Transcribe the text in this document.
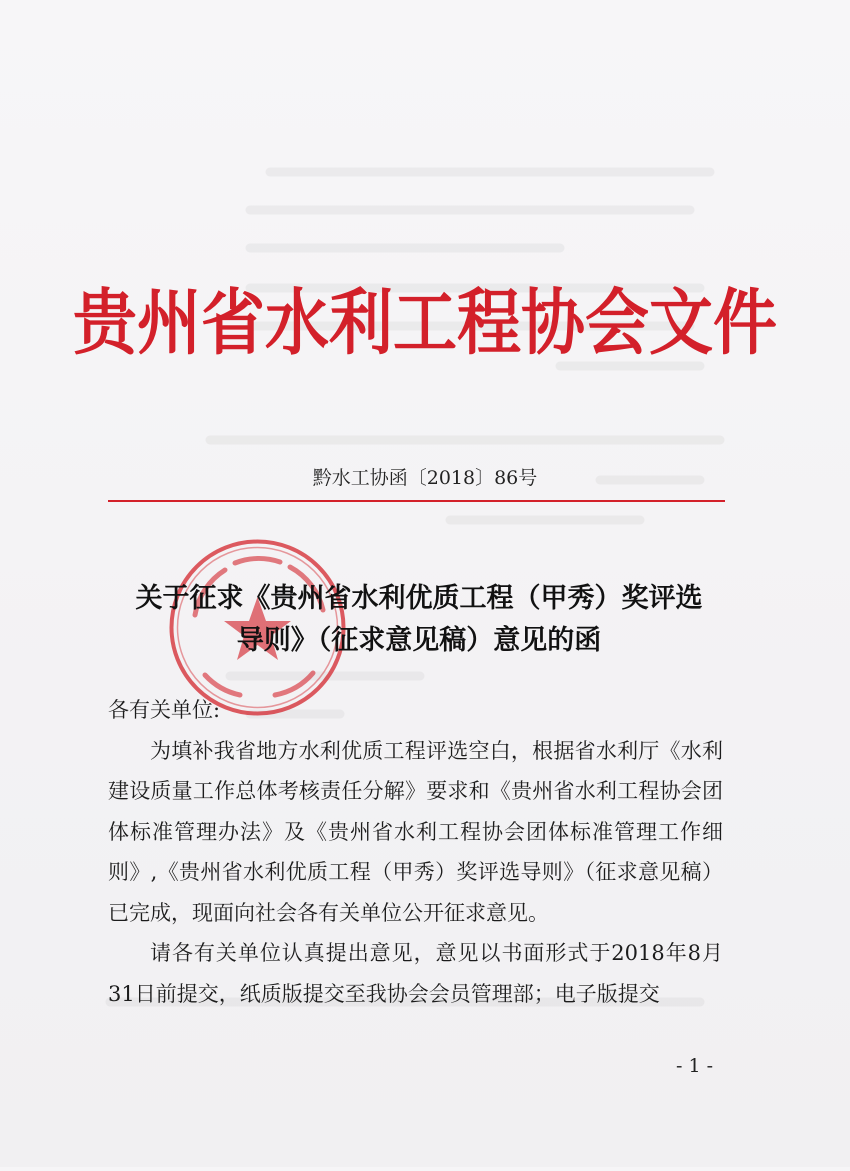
贵州省水利工程协会文件
黔水工协函〔2018〕86号
关于征求《贵州省水利优质工程（甲秀）奖评选
导则》（征求意见稿）意见的函

各有关单位:

为填补我省地方水利优质工程评选空白，根据省水利厅《水利建设质量工作总体考核责任分解》要求和《贵州省水利工程协会团体标准管理办法》及《贵州省水利工程协会团体标准管理工作细则》,《贵州省水利优质工程（甲秀）奖评选导则》（征求意见稿）已完成，现面向社会各有关单位公开征求意见。

请各有关单位认真提出意见，意见以书面形式于2018年8月31日前提交，纸质版提交至我协会会员管理部；电子版提交

- 1 -
